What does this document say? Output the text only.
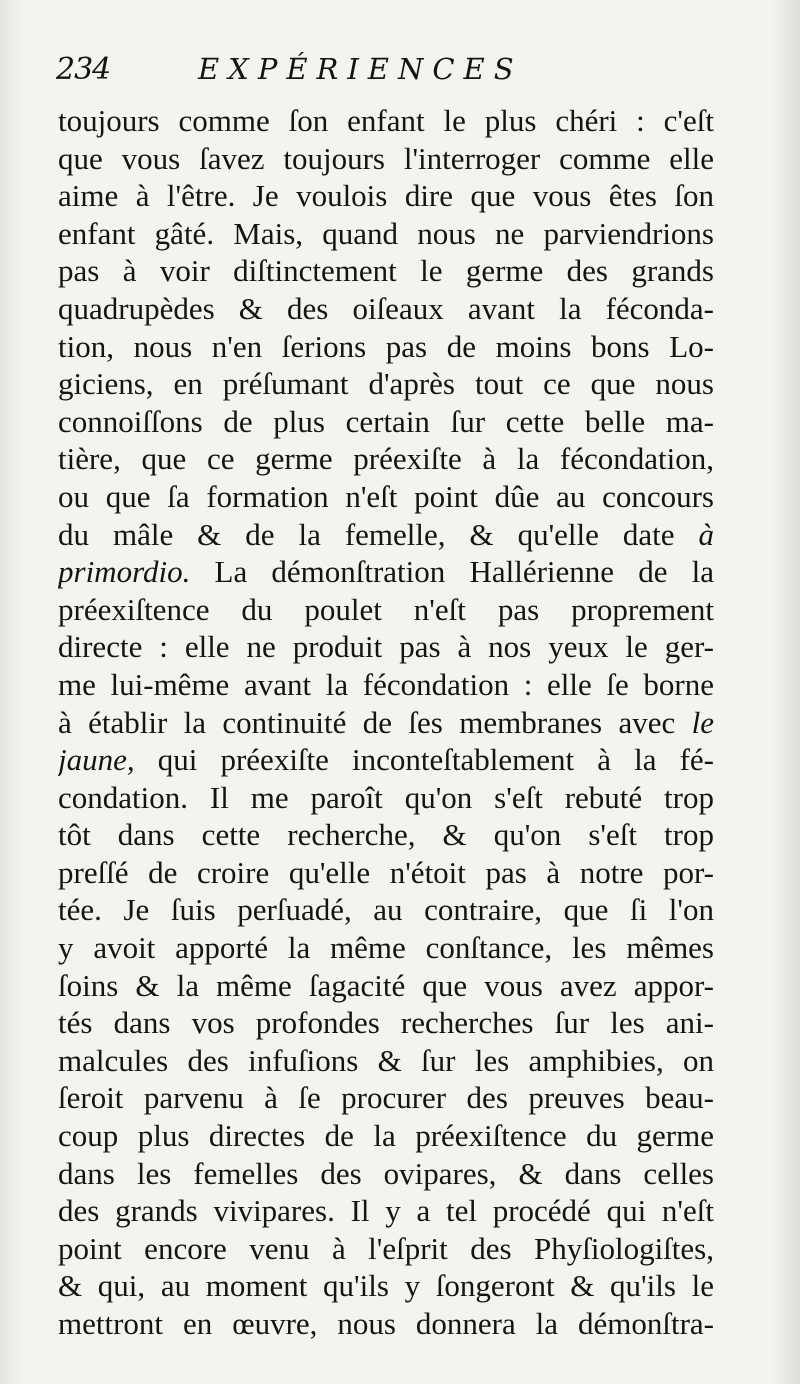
234	EXPÉRIENCES
toujours comme ſon enfant le plus chéri : c'eſt
que vous ſavez toujours l'interroger comme elle
aime à l'être. Je voulois dire que vous êtes ſon
enfant gâté. Mais, quand nous ne parviendrions
pas à voir diſtinctement le germe des grands
quadrupèdes & des oiſeaux avant la féconda-
tion, nous n'en ſerions pas de moins bons Lo-
giciens, en préſumant d'après tout ce que nous
connoiſſons de plus certain ſur cette belle ma-
tière, que ce germe préexiſte à la fécondation,
ou que ſa formation n'eſt point dûe au concours
du mâle & de la femelle, & qu'elle date à
primordio. La démonſtration Hallérienne de la
préexiſtence du poulet n'eſt pas proprement
directe : elle ne produit pas à nos yeux le ger-
me lui-même avant la fécondation : elle ſe borne
à établir la continuité de ſes membranes avec le
jaune, qui préexiſte inconteſtablement à la fé-
condation. Il me paroît qu'on s'eſt rebuté trop
tôt dans cette recherche, & qu'on s'eſt trop
preſſé de croire qu'elle n'étoit pas à notre por-
tée. Je ſuis perſuadé, au contraire, que ſi l'on
y avoit apporté la même conſtance, les mêmes
ſoins & la même ſagacité que vous avez appor-
tés dans vos profondes recherches ſur les ani-
malcules des infuſions & ſur les amphibies, on
ſeroit parvenu à ſe procurer des preuves beau-
coup plus directes de la préexiſtence du germe
dans les femelles des ovipares, & dans celles
des grands vivipares. Il y a tel procédé qui n'eſt
point encore venu à l'eſprit des Phyſiologiſtes,
& qui, au moment qu'ils y ſongeront & qu'ils le
mettront en œuvre, nous donnera la démonſtra-
